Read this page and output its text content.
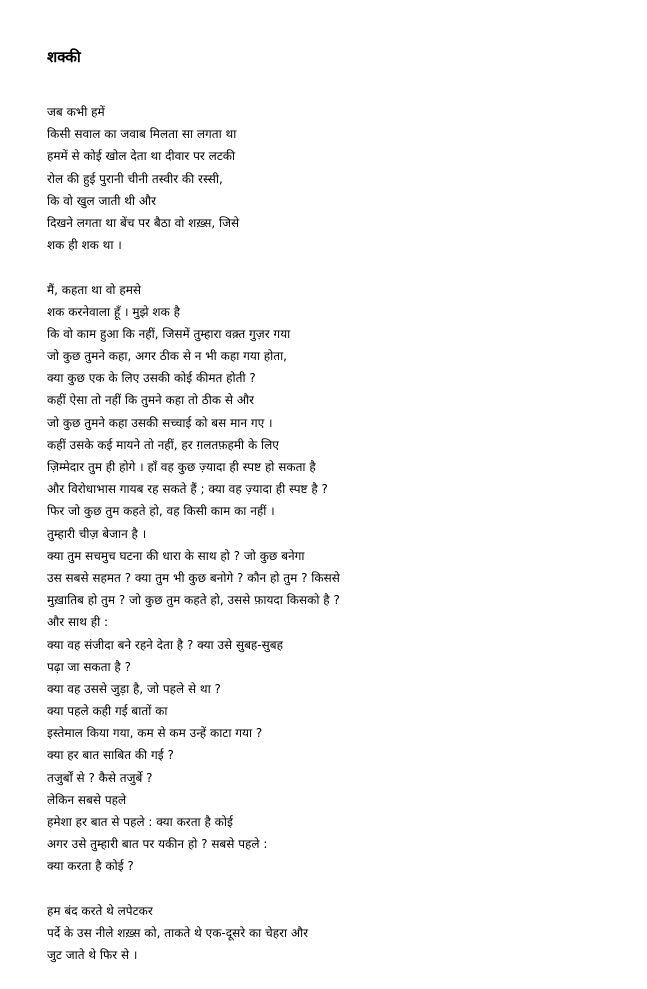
शक्की
जब कभी हमें
किसी सवाल का जवाब मिलता सा लगता था
हममें से कोई खोल देता था दीवार पर लटकी
रोल की हुई पुरानी चीनी तस्वीर की रस्सी,
कि वो खुल जाती थी और
दिखने लगता था बेंच पर बैठा वो शख़्स, जिसे
शक ही शक था ।
मैं, कहता था वो हमसे
शक करनेवाला हूँ । मुझे शक है
कि वो काम हुआ कि नहीं, जिसमें तुम्हारा वक़्त गुज़र गया
जो कुछ तुमने कहा, अगर ठीक से न भी कहा गया होता,
क्या कुछ एक के लिए उसकी कोई कीमत होती ?
कहीं ऐसा तो नहीं कि तुमने कहा तो ठीक से और
जो कुछ तुमने कहा उसकी सच्चाई को बस मान गए ।
कहीं उसके कई मायने तो नहीं, हर ग़लतफ़हमी के लिए
ज़िम्मेदार तुम ही होगे । हाँ वह कुछ ज़्यादा ही स्पष्ट हो सकता है
और विरोधाभास गायब रह सकते हैं ; क्या वह ज़्यादा ही स्पष्ट है ?
फिर जो कुछ तुम कहते हो, वह किसी काम का नहीं ।
तुम्हारी चीज़ बेजान है ।
क्या तुम सचमुच घटना की धारा के साथ हो ? जो कुछ बनेगा
उस सबसे सहमत ? क्या तुम भी कुछ बनोगे ? कौन हो तुम ? किससे
मुख़ातिब हो तुम ? जो कुछ तुम कहते हो, उससे फ़ायदा किसको है ?
और साथ ही :
क्या वह संजीदा बने रहने देता है ? क्या उसे सुबह-सुबह
पढ़ा जा सकता है ?
क्या वह उससे जुड़ा है, जो पहले से था ?
क्या पहले कही गई बातों का
इस्तेमाल किया गया, कम से कम उन्हें काटा गया ?
क्या हर बात साबित की गई ?
तजुर्बों से ? कैसे तजुर्बे ?
लेकिन सबसे पहले
हमेशा हर बात से पहले : क्या करता है कोई
अगर उसे तुम्हारी बात पर यकीन हो ? सबसे पहले :
क्या करता है कोई ?
हम बंद करते थे लपेटकर
पर्दे के उस नीले शख़्स को, ताकते थे एक-दूसरे का चेहरा और
जुट जाते थे फिर से ।
